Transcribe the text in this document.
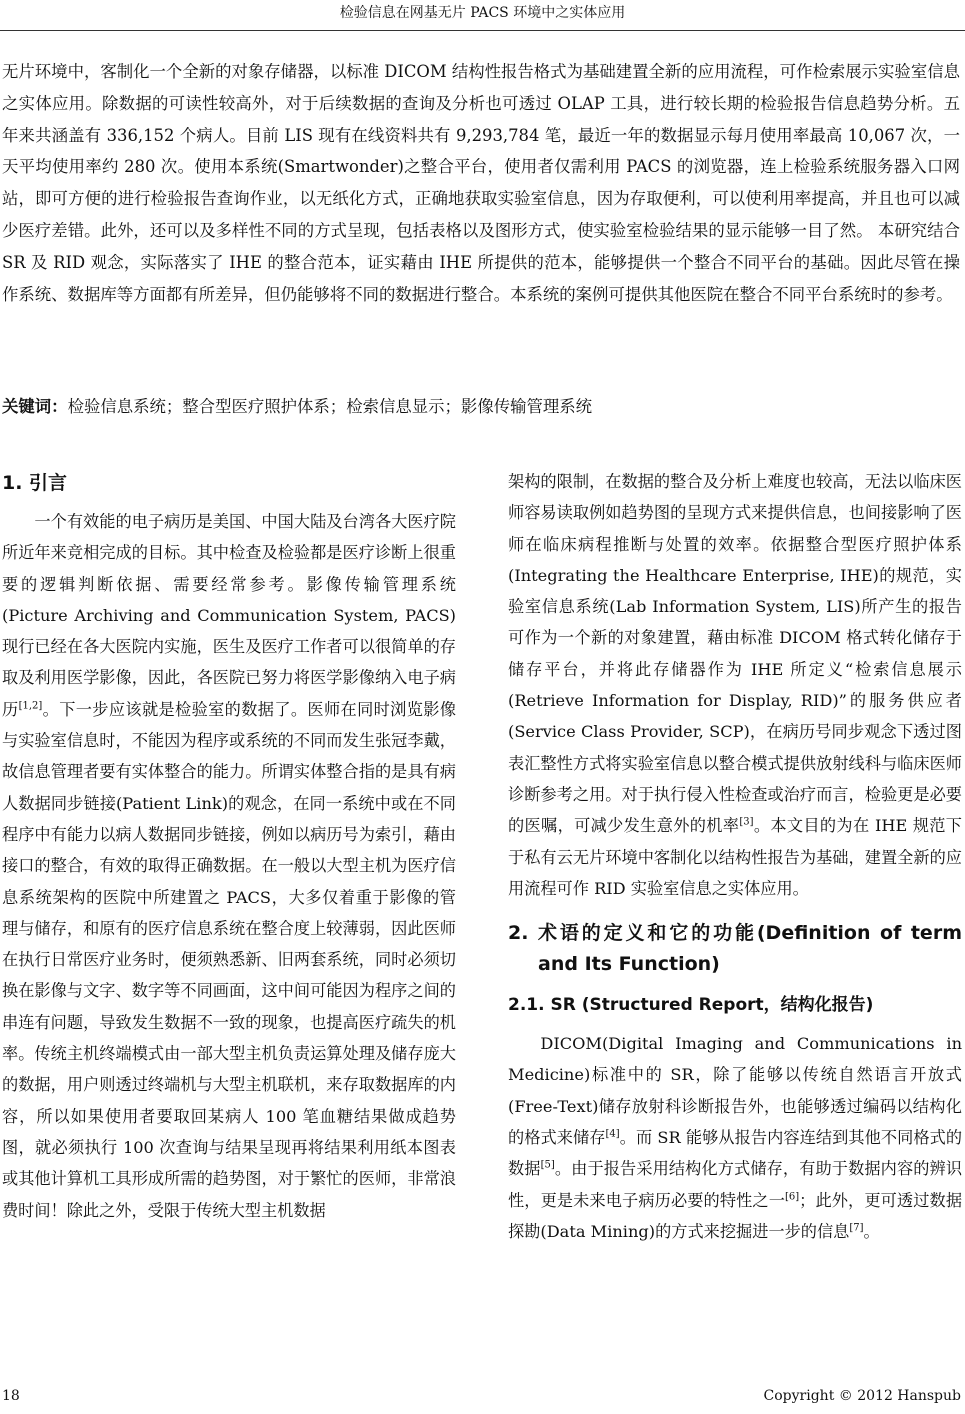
检验信息在网基无片 PACS 环境中之实体应用

无片环境中，客制化一个全新的对象存储器，以标准 DICOM 结构性报告格式为基础建置全新的应用流程，可作检索展示实验室信息之实体应用。除数据的可读性较高外，对于后续数据的查询及分析也可透过 OLAP 工具，进行较长期的检验报告信息趋势分析。五年来共涵盖有 336,152 个病人。目前 LIS 现有在线资料共有 9,293,784 笔，最近一年的数据显示每月使用率最高 10,067 次，一天平均使用率约 280 次。使用本系统(Smartwonder)之整合平台，使用者仅需利用 PACS 的浏览器，连上检验系统服务器入口网站，即可方便的进行检验报告查询作业，以无纸化方式，正确地获取实验室信息，因为存取便利，可以使利用率提高，并且也可以减少医疗差错。此外，还可以及多样性不同的方式呈现，包括表格以及图形方式，使实验室检验结果的显示能够一目了然。 本研究结合 SR 及 RID 观念，实际落实了 IHE 的整合范本，证实藉由 IHE 所提供的范本，能够提供一个整合不同平台的基础。因此尽管在操作系统、数据库等方面都有所差异，但仍能够将不同的数据进行整合。本系统的案例可提供其他医院在整合不同平台系统时的参考。

关键词：检验信息系统；整合型医疗照护体系；检索信息显示；影像传输管理系统

1. 引言

一个有效能的电子病历是美国、中国大陆及台湾各大医疗院所近年来竞相完成的目标。其中检查及检验都是医疗诊断上很重要的逻辑判断依据、需要经常参考。影像传输管理系统(Picture Archiving and Communication System, PACS)现行已经在各大医院内实施，医生及医疗工作者可以很简单的存取及利用医学影像，因此，各医院已努力将医学影像纳入电子病历[1,2]。下一步应该就是检验室的数据了。医师在同时浏览影像与实验室信息时，不能因为程序或系统的不同而发生张冠李戴，故信息管理者要有实体整合的能力。所谓实体整合指的是具有病人数据同步链接(Patient Link)的观念，在同一系统中或在不同程序中有能力以病人数据同步链接，例如以病历号为索引，藉由接口的整合，有效的取得正确数据。在一般以大型主机为医疗信息系统架构的医院中所建置之 PACS，大多仅着重于影像的管理与储存，和原有的医疗信息系统在整合度上较薄弱，因此医师在执行日常医疗业务时，便须熟悉新、旧两套系统，同时必须切换在影像与文字、数字等不同画面，这中间可能因为程序之间的串连有问题，导致发生数据不一致的现象，也提高医疗疏失的机率。传统主机终端模式由一部大型主机负责运算处理及储存庞大的数据，用户则透过终端机与大型主机联机，来存取数据库的内容，所以如果使用者要取回某病人 100 笔血糖结果做成趋势图，就必须执行 100 次查询与结果呈现再将结果利用纸本图表或其他计算机工具形成所需的趋势图，对于繁忙的医师，非常浪费时间！除此之外，受限于传统大型主机数据

架构的限制，在数据的整合及分析上难度也较高，无法以临床医师容易读取例如趋势图的呈现方式来提供信息，也间接影响了医师在临床病程推断与处置的效率。依据整合型医疗照护体系(Integrating the Healthcare Enterprise, IHE)的规范，实验室信息系统(Lab Information System, LIS)所产生的报告可作为一个新的对象建置，藉由标准 DICOM 格式转化储存于储存平台，并将此存储器作为 IHE 所定义“检索信息展示(Retrieve Information for Display, RID)”的服务供应者(Service Class Provider, SCP)，在病历号同步观念下透过图表汇整性方式将实验室信息以整合模式提供放射线科与临床医师诊断参考之用。对于执行侵入性检查或治疗而言，检验更是必要的医嘱，可减少发生意外的机率[3]。本文目的为在 IHE 规范下于私有云无片环境中客制化以结构性报告为基础，建置全新的应用流程可作 RID 实验室信息之实体应用。

2. 术语的定义和它的功能(Definition of term and Its Function)
2.1. SR (Structured Report，结构化报告)

DICOM(Digital Imaging and Communications in Medicine)标准中的 SR，除了能够以传统自然语言开放式(Free-Text)储存放射科诊断报告外，也能够透过编码以结构化的格式来储存[4]。而 SR 能够从报告内容连结到其他不同格式的数据[5]。由于报告采用结构化方式储存，有助于数据内容的辨识性，更是未来电子病历必要的特性之一[6]；此外，更可透过数据探勘(Data Mining)的方式来挖掘进一步的信息[7]。

18	Copyright © 2012 Hanspub
